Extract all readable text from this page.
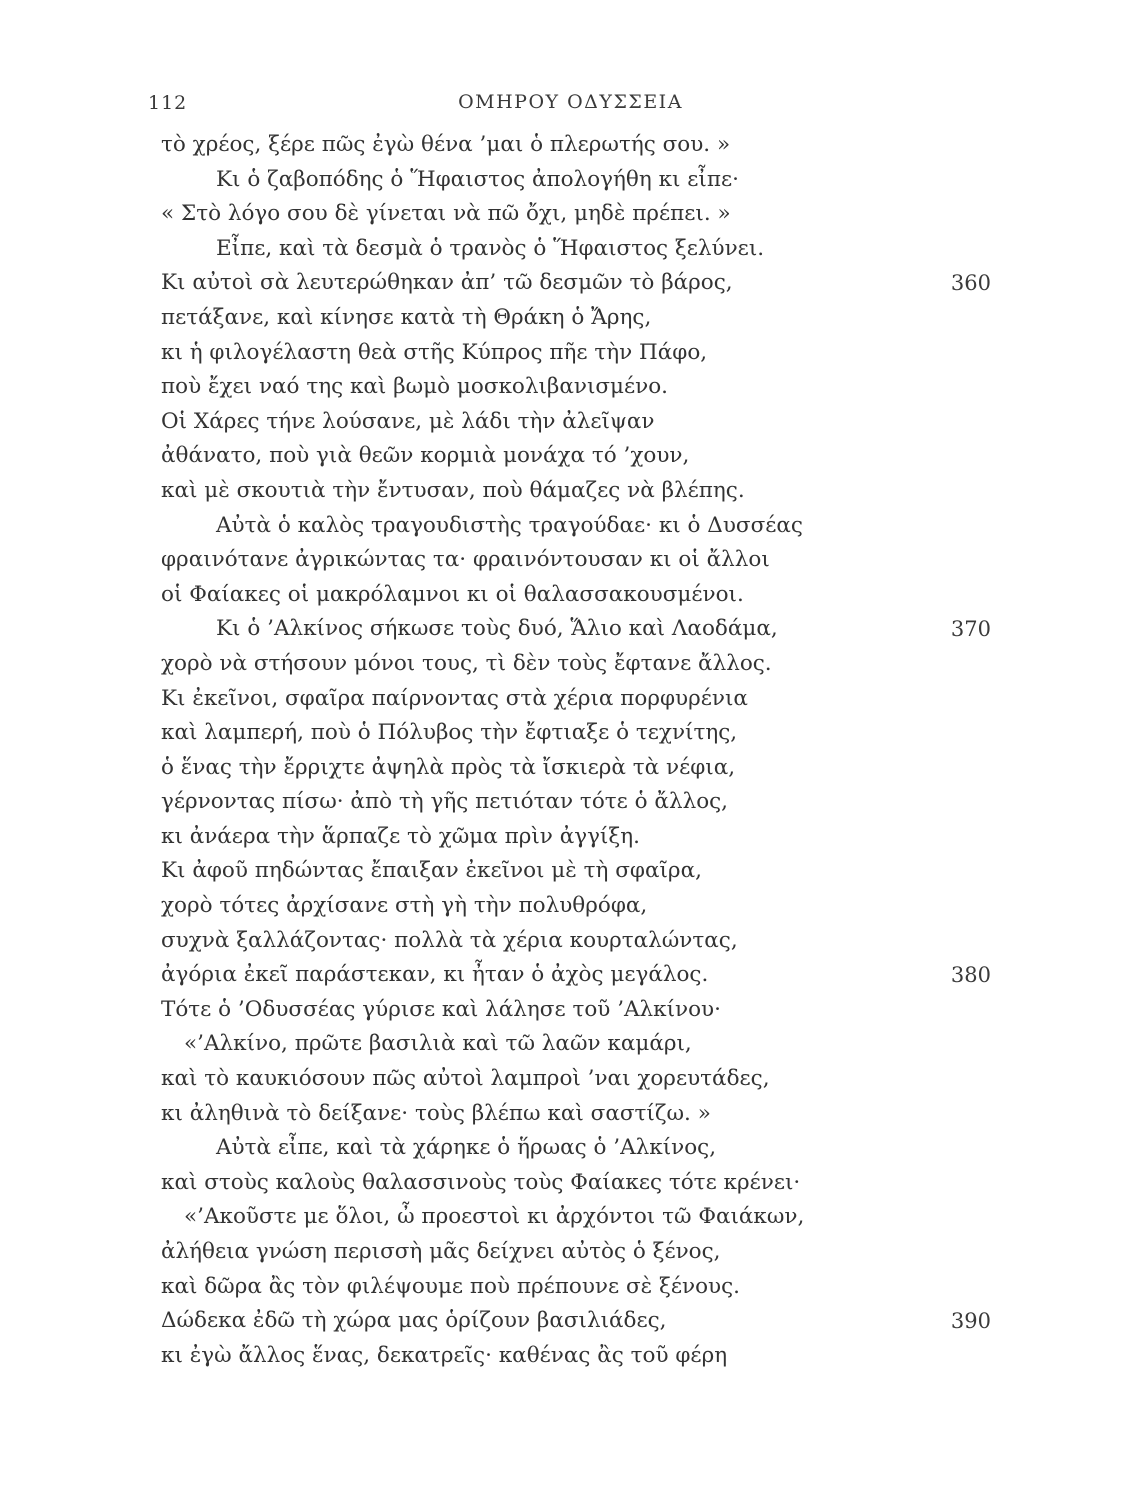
112	ΟΜΗΡΟΥ ΟΔΥΣΣΕΙΑ
τὸ χρέος, ξέρε πῶς ἐγὼ θένα ’μαι ὁ πλερωτής σου. »
Κι ὁ ζαβοπόδης ὁ Ἥφαιστος ἀπολογήθη κι εἶπε·
« Στὸ λόγο σου δὲ γίνεται νὰ πῶ ὄχι, μηδὲ πρέπει. »
Εἶπε, καὶ τὰ δεσμὰ ὁ τρανὸς ὁ Ἥφαιστος ξελύνει.
Κι αὐτοὶ σὰ λευτερώθηκαν ἀπ’ τῶ δεσμῶν τὸ βάρος,	360
πετάξανε, καὶ κίνησε κατὰ τὴ Θράκη ὁ Ἄρης,
κι ἡ φιλογέλαστη θεὰ στῆς Κύπρος πῆε τὴν Πάφο,
ποὺ ἔχει ναό της καὶ βωμὸ μοσκολιβανισμένο.
Οἱ Χάρες τήνε λούσανε, μὲ λάδι τὴν ἀλεῖψαν
ἀθάνατο, ποὺ γιὰ θεῶν κορμιὰ μονάχα τό ’χουν,
καὶ μὲ σκουτιὰ τὴν ἔντυσαν, ποὺ θάμαζες νὰ βλέπης.
Αὐτὰ ὁ καλὸς τραγουδιστὴς τραγούδαε· κι ὁ Δυσσέας
φραινότανε ἀγρικώντας τα· φραινόντουσαν κι οἱ ἄλλοι
οἱ Φαίακες οἱ μακρόλαμνοι κι οἱ θαλασσακουσμένοι.
Κι ὁ ’Αλκίνος σήκωσε τοὺς δυό, Ἅλιο καὶ Λαοδάμα,	370
χορὸ νὰ στήσουν μόνοι τους, τὶ δὲν τοὺς ἔφτανε ἄλλος.
Κι ἐκεῖνοι, σφαῖρα παίρνοντας στὰ χέρια πορφυρένια
καὶ λαμπερή, ποὺ ὁ Πόλυβος τὴν ἔφτιαξε ὁ τεχνίτης,
ὁ ἕνας τὴν ἔρριχτε ἀψηλὰ πρὸς τὰ ἴσκιερὰ τὰ νέφια,
γέρνοντας πίσω· ἀπὸ τὴ γῆς πετιόταν τότε ὁ ἄλλος,
κι ἀνάερα τὴν ἅρπαζε τὸ χῶμα πρὶν ἀγγίξη.
Κι ἀφοῦ πηδώντας ἔπαιξαν ἐκεῖνοι μὲ τὴ σφαῖρα,
χορὸ τότες ἀρχίσανε στὴ γὴ τὴν πολυθρόφα,
συχνὰ ξαλλάζοντας· πολλὰ τὰ χέρια κουρταλώντας,
ἀγόρια ἐκεῖ παράστεκαν, κι ἦταν ὁ ἀχὸς μεγάλος.	380
Τότε ὁ ’Οδυσσέας γύρισε καὶ λάλησε τοῦ ’Αλκίνου·
«’Αλκίνο, πρῶτε βασιλιὰ καὶ τῶ λαῶν καμάρι,
καὶ τὸ καυκιόσουν πῶς αὐτοὶ λαμπροὶ ’ναι χορευτάδες,
κι ἀληθινὰ τὸ δείξανε· τοὺς βλέπω καὶ σαστίζω. »
Αὐτὰ εἶπε, καὶ τὰ χάρηκε ὁ ἥρωας ὁ ’Αλκίνος,
καὶ στοὺς καλοὺς θαλασσινοὺς τοὺς Φαίακες τότε κρένει·
«’Ακοῦστε με ὅλοι, ὦ προεστοὶ κι ἀρχόντοι τῶ Φαιάκων,
ἀλήθεια γνώση περισσὴ μᾶς δείχνει αὐτὸς ὁ ξένος,
καὶ δῶρα ἂς τὸν φιλέψουμε ποὺ πρέπουνε σὲ ξένους.
Δώδεκα ἐδῶ τὴ χώρα μας ὁρίζουν βασιλιάδες,	390
κι ἐγὼ ἄλλος ἕνας, δεκατρεῖς· καθένας ἂς τοῦ φέρη
